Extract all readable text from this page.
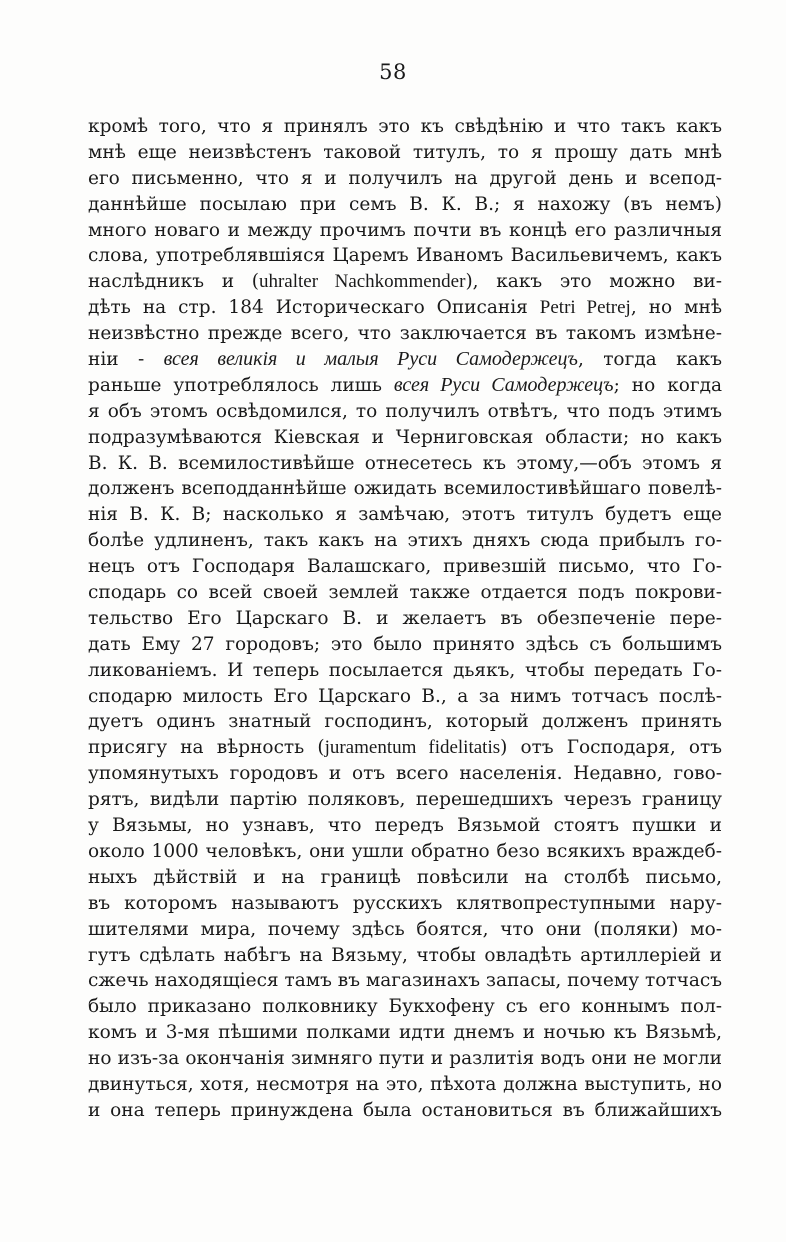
58
кромѣ того, что я принялъ это къ свѣдѣнію и что такъ какъ
мнѣ еще неизвѣстенъ таковой титулъ, то я прошу дать мнѣ
его письменно, что я и получилъ на другой день и всепод-
даннѣйше посылаю при семъ В. К. В.; я нахожу (въ немъ)
много новаго и между прочимъ почти въ концѣ его различныя
слова, употреблявшіяся Царемъ Иваномъ Васильевичемъ, какъ
наслѣдникъ и (uhralter Nachkommender), какъ это можно ви-
дѣть на стр. 184 Историческаго Описанія Petri Petrej, но мнѣ
неизвѣстно прежде всего, что заключается въ такомъ измѣне-
ніи - всея великія и малыя Руси Самодержецъ, тогда какъ
раньше употреблялось лишь всея Руси Самодержецъ; но когда
я объ этомъ освѣдомился, то получилъ отвѣтъ, что подъ этимъ
подразумѣваются Кіевская и Черниговская области; но какъ
В. К. В. всемилостивѣйше отнесетесь къ этому,—объ этомъ я
долженъ всеподданнѣйше ожидать всемилостивѣйшаго повелѣ-
нія В. К. В; насколько я замѣчаю, этотъ титулъ будетъ еще
болѣе удлиненъ, такъ какъ на этихъ дняхъ сюда прибылъ го-
нецъ отъ Господаря Валашскаго, привезшій письмо, что Го-
сподарь со всей своей землей также отдается подъ покрови-
тельство Его Царскаго В. и желаетъ въ обезпеченіе пере-
дать Ему 27 городовъ; это было принято здѣсь съ большимъ
ликованіемъ. И теперь посылается дьякъ, чтобы передать Го-
сподарю милость Его Царскаго В., а за нимъ тотчасъ послѣ-
дуетъ одинъ знатный господинъ, который долженъ принять
присягу на вѣрность (juramentum fidelitatis) отъ Господаря, отъ
упомянутыхъ городовъ и отъ всего населенія. Недавно, гово-
рятъ, видѣли партію поляковъ, перешедшихъ черезъ границу
у Вязьмы, но узнавъ, что передъ Вязьмой стоятъ пушки и
около 1000 человѣкъ, они ушли обратно безо всякихъ враждеб-
ныхъ дѣйствій и на границѣ повѣсили на столбѣ письмо,
въ которомъ называютъ русскихъ клятвопреступными нару-
шителями мира, почему здѣсь боятся, что они (поляки) мо-
гутъ сдѣлать набѣгъ на Вязьму, чтобы овладѣть артиллеріей и
сжечь находящіеся тамъ въ магазинахъ запасы, почему тотчасъ
было приказано полковнику Букхофену съ его коннымъ пол-
комъ и 3-мя пѣшими полками идти днемъ и ночью къ Вязьмѣ,
но изъ-за окончанія зимняго пути и разлитія водъ они не могли
двинуться, хотя, несмотря на это, пѣхота должна выступить, но
и она теперь принуждена была остановиться въ ближайшихъ
